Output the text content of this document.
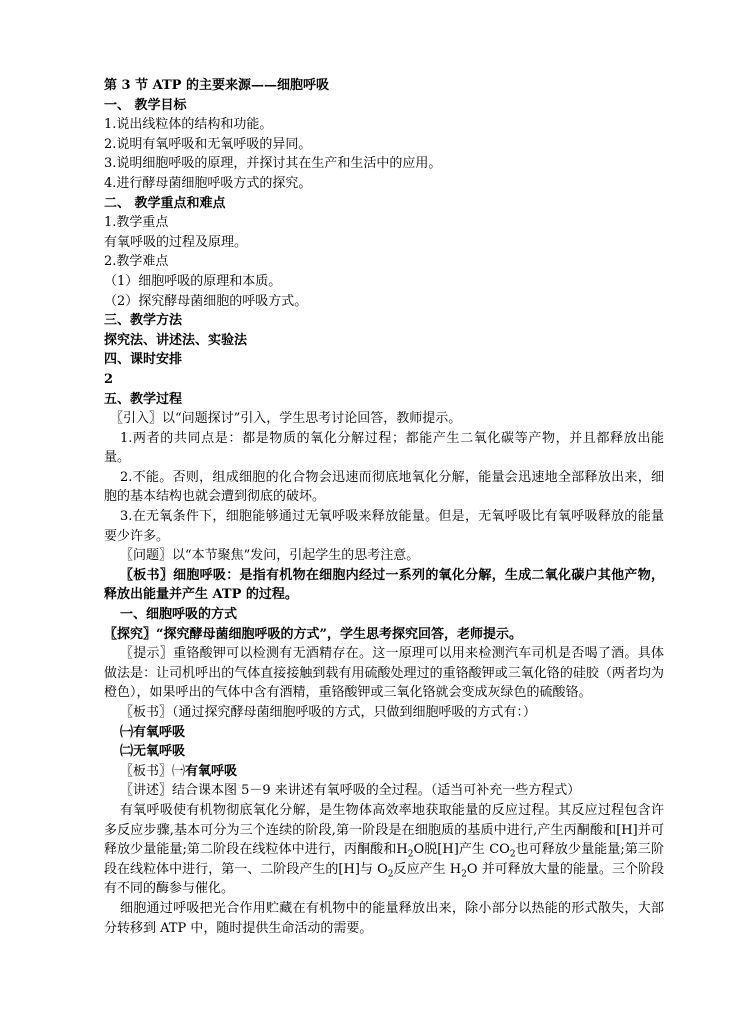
第 3 节 ATP 的主要来源——细胞呼吸

一、 教学目标

1.说出线粒体的结构和功能。

2.说明有氧呼吸和无氧呼吸的异同。

3.说明细胞呼吸的原理，并探讨其在生产和生活中的应用。

4.进行酵母菌细胞呼吸方式的探究。

二、 教学重点和难点

1.教学重点

有氧呼吸的过程及原理。

2.教学难点

（1）细胞呼吸的原理和本质。

（2）探究酵母菌细胞的呼吸方式。

三、教学方法

探究法、讲述法、实验法

四、课时安排

2

五、教学过程

〖引入〗以“问题探讨”引入，学生思考讨论回答，教师提示。

1.两者的共同点是：都是物质的氧化分解过程；都能产生二氧化碳等产物，并且都释放出能量。

2.不能。否则，组成细胞的化合物会迅速而彻底地氧化分解，能量会迅速地全部释放出来，细胞的基本结构也就会遭到彻底的破坏。

3.在无氧条件下，细胞能够通过无氧呼吸来释放能量。但是，无氧呼吸比有氧呼吸释放的能量要少许多。

〖问题〗以“本节聚焦”发问，引起学生的思考注意。

〖板书〗细胞呼吸：是指有机物在细胞内经过一系列的氧化分解，生成二氧化碳户其他产物，释放出能量并产生 ATP 的过程。

一、细胞呼吸的方式

〖探究〗“探究酵母菌细胞呼吸的方式”，学生思考探究回答，老师提示。

〖提示〗重铬酸钾可以检测有无酒精存在。这一原理可以用来检测汽车司机是否喝了酒。具体做法是：让司机呼出的气体直接接触到载有用硫酸处理过的重铬酸钾或三氧化铬的硅胶（两者均为橙色），如果呼出的气体中含有酒精，重铬酸钾或三氧化铬就会变成灰绿色的硫酸铬。

〖板书〗（通过探究酵母菌细胞呼吸的方式，只做到细胞呼吸的方式有：）

㈠有氧呼吸

㈡无氧呼吸

〖板书〗㈠有氧呼吸

〖讲述〗结合课本图 5－9 来讲述有氧呼吸的全过程。（适当可补充一些方程式）

有氧呼吸使有机物彻底氧化分解，是生物体高效率地获取能量的反应过程。其反应过程包含许多反应步骤,基本可分为三个连续的阶段,第一阶段是在细胞质的基质中进行,产生丙酮酸和[H]并可释放少量能量;第二阶段在线粒体中进行，丙酮酸和$H_2O$脱[H]产生 $CO_2$也可释放少量能量;第三阶段在线粒体中进行，第一、二阶段产生的[H]与 $O_2$反应产生 $H_2O$ 并可释放大量的能量。三个阶段有不同的酶参与催化。

细胞通过呼吸把光合作用贮藏在有机物中的能量释放出来，除小部分以热能的形式散失，大部分转移到 ATP 中，随时提供生命活动的需要。
